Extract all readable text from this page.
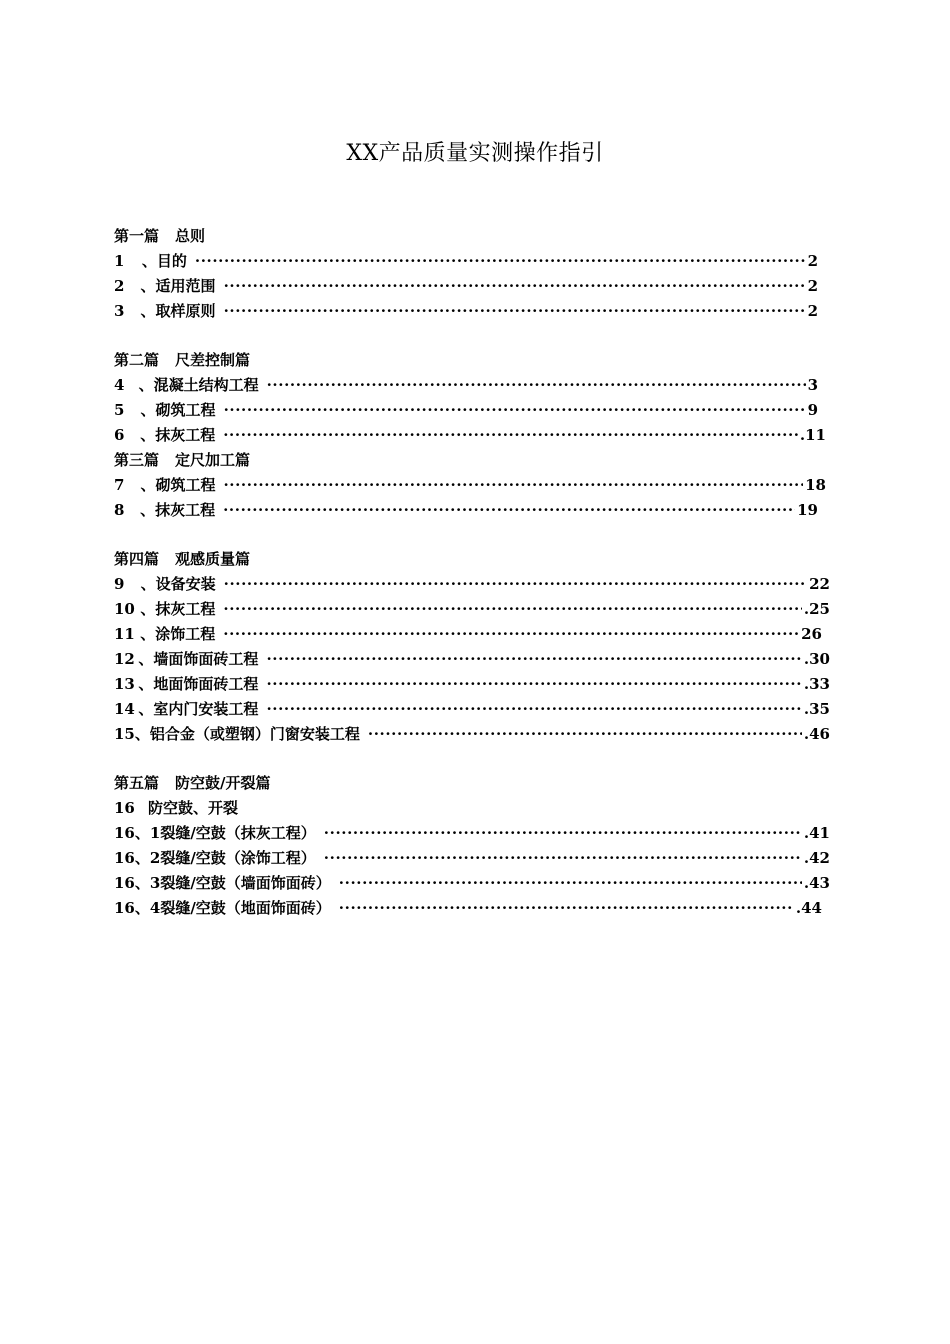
XX产品质量实测操作指引
第一篇	总则
1	、目的 ·····	2
2	、适用范围 ·····	2
3	、取样原则 ·····	2
第二篇	尺差控制篇
4 、混凝土结构工程 ·····	3
5	、砌筑工程 ·····	9
6	、抹灰工程 ·····	.11
第三篇	定尺加工篇
7	、砌筑工程 ·····	18
8	、抹灰工程 ·····	19
第四篇	观感质量篇
9	、设备安装 ·····	22
10 、抹灰工程 ·····	.25
11 、涂饰工程 ·····	26
12 、墙面饰面砖工程 ·····	.30
13 、地面饰面砖工程 ·····	.33
14 、室内门安装工程 ·····	.35
15 、铝合金（或塑钢）门窗安装工程 ·····	.46
第五篇	防空鼓/开裂篇
16 防空鼓、开裂
16、1 裂缝/空鼓（抹灰工程） ·····	.41
16、2 裂缝/空鼓（涂饰工程） ·····	.42
16、3 裂缝/空鼓（墙面饰面砖） ·····	.43
16、4 裂缝/空鼓（地面饰面砖） ·····	.44
